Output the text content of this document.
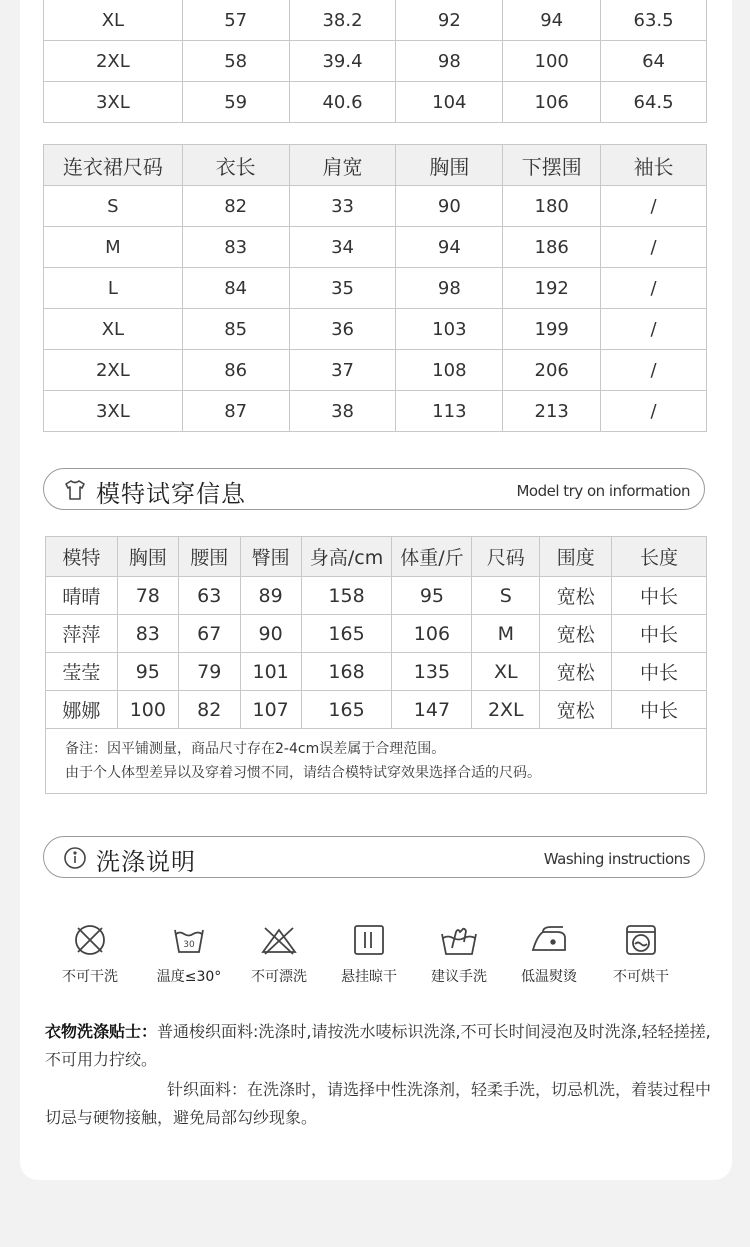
XL	57	38.2	92	94	63.5
2XL	58	39.4	98	100	64
3XL	59	40.6	104	106	64.5
连衣裙尺码	衣长	肩宽	胸围	下摆围	袖长
S	82	33	90	180	/
M	83	34	94	186	/
L	84	35	98	192	/
XL	85	36	103	199	/
2XL	86	37	108	206	/
3XL	87	38	113	213	/
模特试穿信息	Model try on information
模特	胸围	腰围	臀围	身高/cm	体重/斤	尺码	围度	长度
晴晴	78	63	89	158	95	S	宽松	中长
萍萍	83	67	90	165	106	M	宽松	中长
莹莹	95	79	101	168	135	XL	宽松	中长
娜娜	100	82	107	165	147	2XL	宽松	中长

备注：因平铺测量，商品尺寸存在2-4cm误差属于合理范围。
由于个人体型差异以及穿着习惯不同，请结合模特试穿效果选择合适的尺码。								
洗涤说明	Washing instructions
不可干洗
30
温度≤30°	不可漂洗	悬挂晾干	建议手洗	低温熨烫	不可烘干

衣物洗涤贴士：普通梭织面料:洗涤时,请按洗水唛标识洗涤,不可长时间浸泡及时洗涤,轻轻搓搓,不可用力拧绞。

针织面料：在洗涤时，请选择中性洗涤剂，轻柔手洗，切忌机洗，着装过程中切忌与硬物接触，避免局部勾纱现象。
